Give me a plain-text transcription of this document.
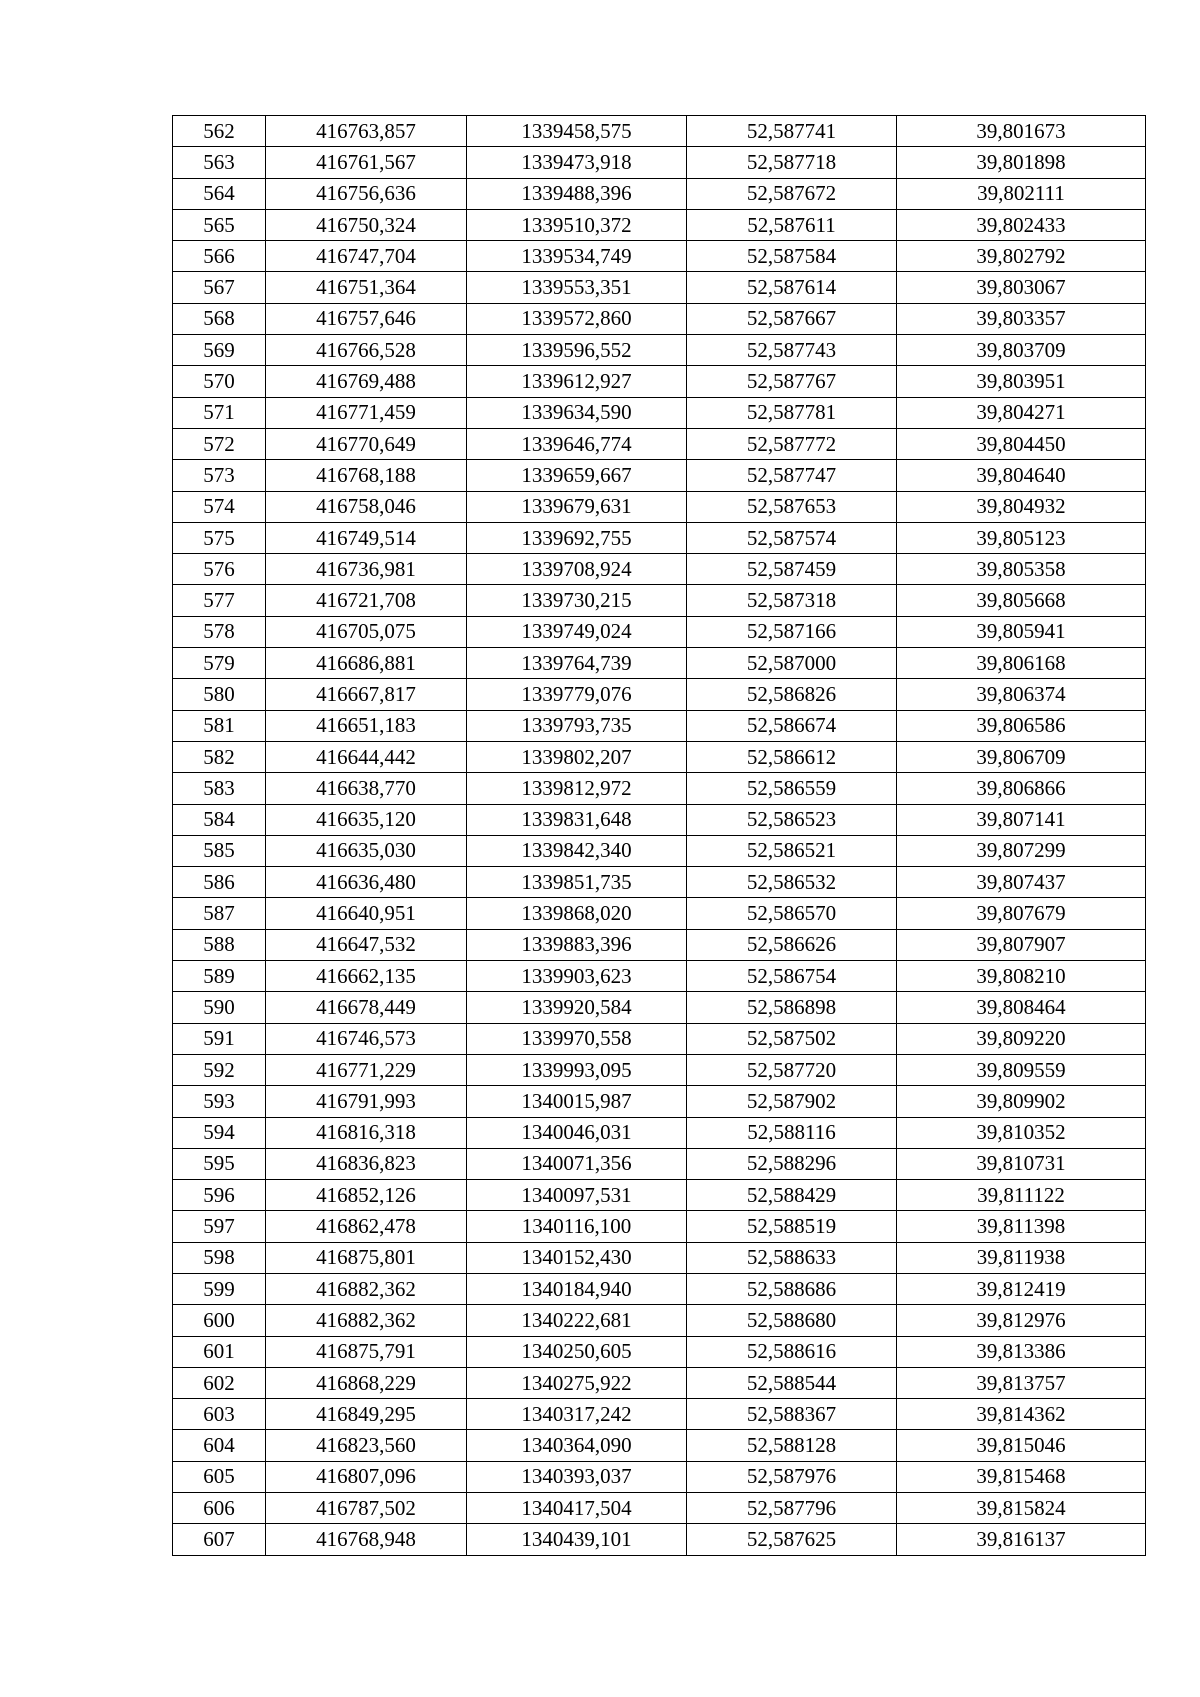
562	416763,857	1339458,575	52,587741	39,801673
563	416761,567	1339473,918	52,587718	39,801898
564	416756,636	1339488,396	52,587672	39,802111
565	416750,324	1339510,372	52,587611	39,802433
566	416747,704	1339534,749	52,587584	39,802792
567	416751,364	1339553,351	52,587614	39,803067
568	416757,646	1339572,860	52,587667	39,803357
569	416766,528	1339596,552	52,587743	39,803709
570	416769,488	1339612,927	52,587767	39,803951
571	416771,459	1339634,590	52,587781	39,804271
572	416770,649	1339646,774	52,587772	39,804450
573	416768,188	1339659,667	52,587747	39,804640
574	416758,046	1339679,631	52,587653	39,804932
575	416749,514	1339692,755	52,587574	39,805123
576	416736,981	1339708,924	52,587459	39,805358
577	416721,708	1339730,215	52,587318	39,805668
578	416705,075	1339749,024	52,587166	39,805941
579	416686,881	1339764,739	52,587000	39,806168
580	416667,817	1339779,076	52,586826	39,806374
581	416651,183	1339793,735	52,586674	39,806586
582	416644,442	1339802,207	52,586612	39,806709
583	416638,770	1339812,972	52,586559	39,806866
584	416635,120	1339831,648	52,586523	39,807141
585	416635,030	1339842,340	52,586521	39,807299
586	416636,480	1339851,735	52,586532	39,807437
587	416640,951	1339868,020	52,586570	39,807679
588	416647,532	1339883,396	52,586626	39,807907
589	416662,135	1339903,623	52,586754	39,808210
590	416678,449	1339920,584	52,586898	39,808464
591	416746,573	1339970,558	52,587502	39,809220
592	416771,229	1339993,095	52,587720	39,809559
593	416791,993	1340015,987	52,587902	39,809902
594	416816,318	1340046,031	52,588116	39,810352
595	416836,823	1340071,356	52,588296	39,810731
596	416852,126	1340097,531	52,588429	39,811122
597	416862,478	1340116,100	52,588519	39,811398
598	416875,801	1340152,430	52,588633	39,811938
599	416882,362	1340184,940	52,588686	39,812419
600	416882,362	1340222,681	52,588680	39,812976
601	416875,791	1340250,605	52,588616	39,813386
602	416868,229	1340275,922	52,588544	39,813757
603	416849,295	1340317,242	52,588367	39,814362
604	416823,560	1340364,090	52,588128	39,815046
605	416807,096	1340393,037	52,587976	39,815468
606	416787,502	1340417,504	52,587796	39,815824
607	416768,948	1340439,101	52,587625	39,816137
